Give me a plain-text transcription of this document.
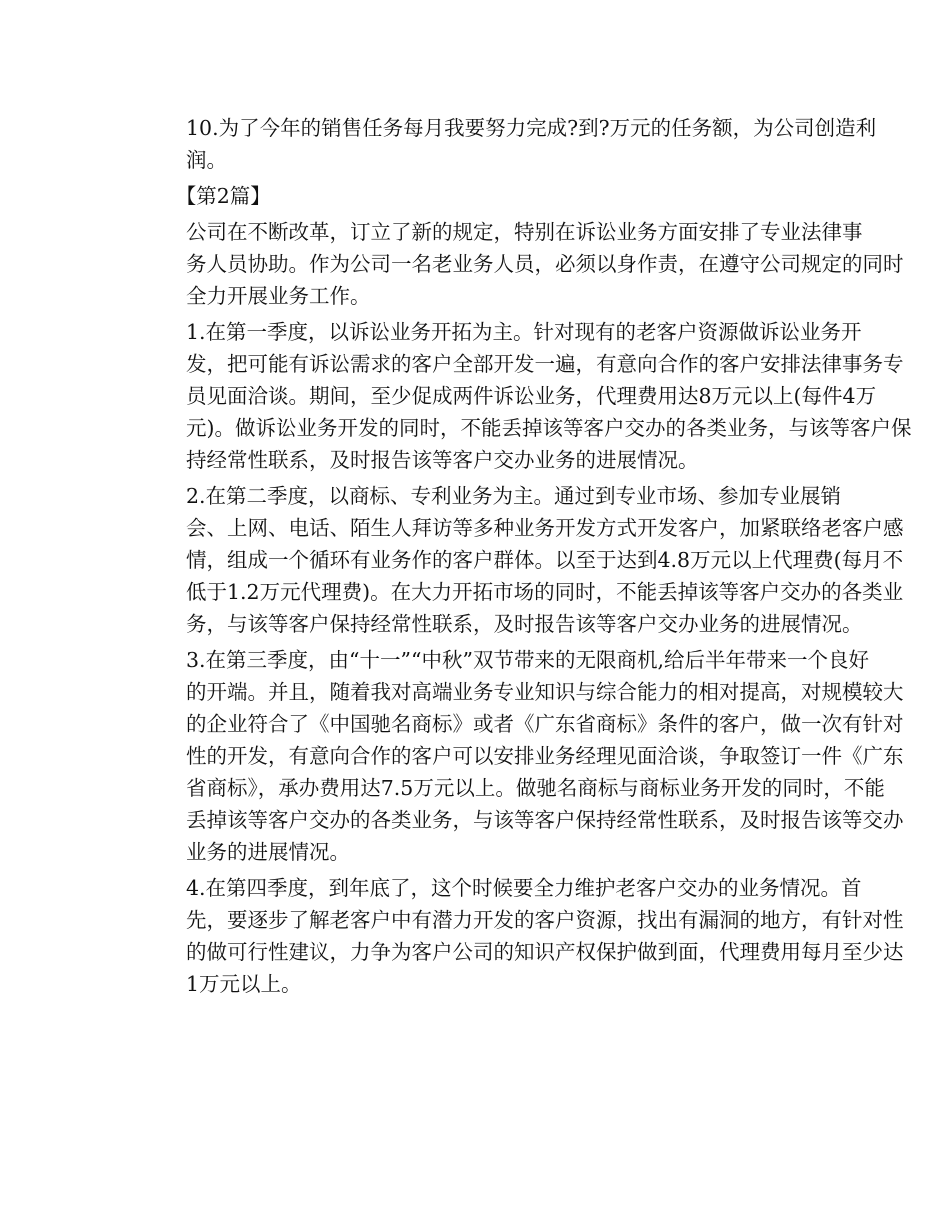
10.为了今年的销售任务每月我要努力完成?到?万元的任务额，为公司创造利
润。

【第2篇】

公司在不断改革，订立了新的规定，特别在诉讼业务方面安排了专业法律事
务人员协助。作为公司一名老业务人员，必须以身作责，在遵守公司规定的同时
全力开展业务工作。

1.在第一季度，以诉讼业务开拓为主。针对现有的老客户资源做诉讼业务开
发，把可能有诉讼需求的客户全部开发一遍，有意向合作的客户安排法律事务专
员见面洽谈。期间，至少促成两件诉讼业务，代理费用达8万元以上(每件4万
元)。做诉讼业务开发的同时，不能丢掉该等客户交办的各类业务，与该等客户保
持经常性联系，及时报告该等客户交办业务的进展情况。

2.在第二季度，以商标、专利业务为主。通过到专业市场、参加专业展销
会、上网、电话、陌生人拜访等多种业务开发方式开发客户，加紧联络老客户感
情，组成一个循环有业务作的客户群体。以至于达到4.8万元以上代理费(每月不
低于1.2万元代理费)。在大力开拓市场的同时，不能丢掉该等客户交办的各类业
务，与该等客户保持经常性联系，及时报告该等客户交办业务的进展情况。

3.在第三季度，由“十一”“中秋”双节带来的无限商机,给后半年带来一个良好
的开端。并且，随着我对高端业务专业知识与综合能力的相对提高，对规模较大
的企业符合了《中国驰名商标》或者《广东省商标》条件的客户，做一次有针对
性的开发，有意向合作的客户可以安排业务经理见面洽谈，争取签订一件《广东
省商标》，承办费用达7.5万元以上。做驰名商标与商标业务开发的同时，不能
丢掉该等客户交办的各类业务，与该等客户保持经常性联系，及时报告该等交办
业务的进展情况。

4.在第四季度，到年底了，这个时候要全力维护老客户交办的业务情况。首
先，要逐步了解老客户中有潜力开发的客户资源，找出有漏洞的地方，有针对性
的做可行性建议，力争为客户公司的知识产权保护做到面，代理费用每月至少达
1万元以上。
